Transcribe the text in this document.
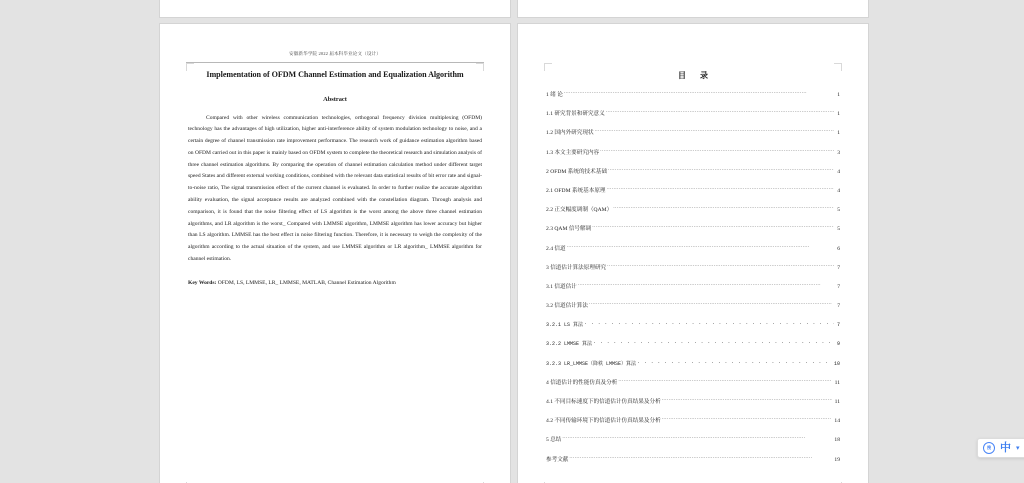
安徽新华学院 2022 届本科毕业论文（设计）
Implementation of OFDM Channel Estimation and Equalization Algorithm
Abstract
Compared with other wireless communication technologies, orthogonal frequency division multiplexing (OFDM) technology has the advantages of high utilization, higher anti-interference ability of system modulation technology to noise, and a certain degree of channel transmission rate improvement performance. The research work of guidance estimation algorithm based on OFDM carried out in this paper is mainly based on OFDM system to complete the theoretical research and simulation analysis of three channel estimation algorithms. By comparing the operation of channel estimation calculation method under different target speed States and different external working conditions, combined with the relevant data statistical results of bit error rate and signal-to-noise ratio, The signal transmission effect of the current channel is evaluated. In order to further realize the accurate algorithm ability evaluation, the signal acceptance results are analyzed combined with the constellation diagram. Through analysis and comparison, it is found that the noise filtering effect of LS algorithm is the worst among the above three channel estimation algorithms, and LR algorithm is the worst_ Compared with LMMSE algorithm, LMMSE algorithm has lower accuracy but higher than LS algorithm. LMMSE has the best effect in noise filtering function. Therefore, it is necessary to weigh the complexity of the algorithm according to the actual situation of the system, and use LMMSE algorithm or LR algorithm_ LMMSE algorithm for channel estimation.
Key Words: OFDM, LS, LMMSE, LR_ LMMSE, MATLAB, Channel Estimation Algorithm
目 录
1 绪 论 .....	1
1.1 研究背景和研究意义 .....	1
1.2 国内外研究现状 .....	1
1.3 本文主要研究内容 .....	3
2 OFDM 系统的技术基础 .....	4
2.1 OFDM 系统基本原理 .....	4
2.2 正交幅度调制（QAM） .....	5
2.3 QAM 信号解调 .....	5
2.4 信道 .....	6
3 信道估计算法原理研究 .....	7
3.1 信道估计 .....	7
3.2 信道估计算法 .....	7
3.2.1 LS 算法 . . .	7
3.2.2 LMMSE 算法 . . .	9
3.2.3 LR_LMMSE（降秩 LMMSE）算法 . . .	10
4 信道估计的性能仿真及分析 .....	11
4.1 不同目标速度下的信道估计仿真结果及分析 .....	11
4.2 不同传输环境下的信道估计仿真结果及分析 .....	14
5 总结 .....	18
参考文献 .....	19
搜 中 ▾
